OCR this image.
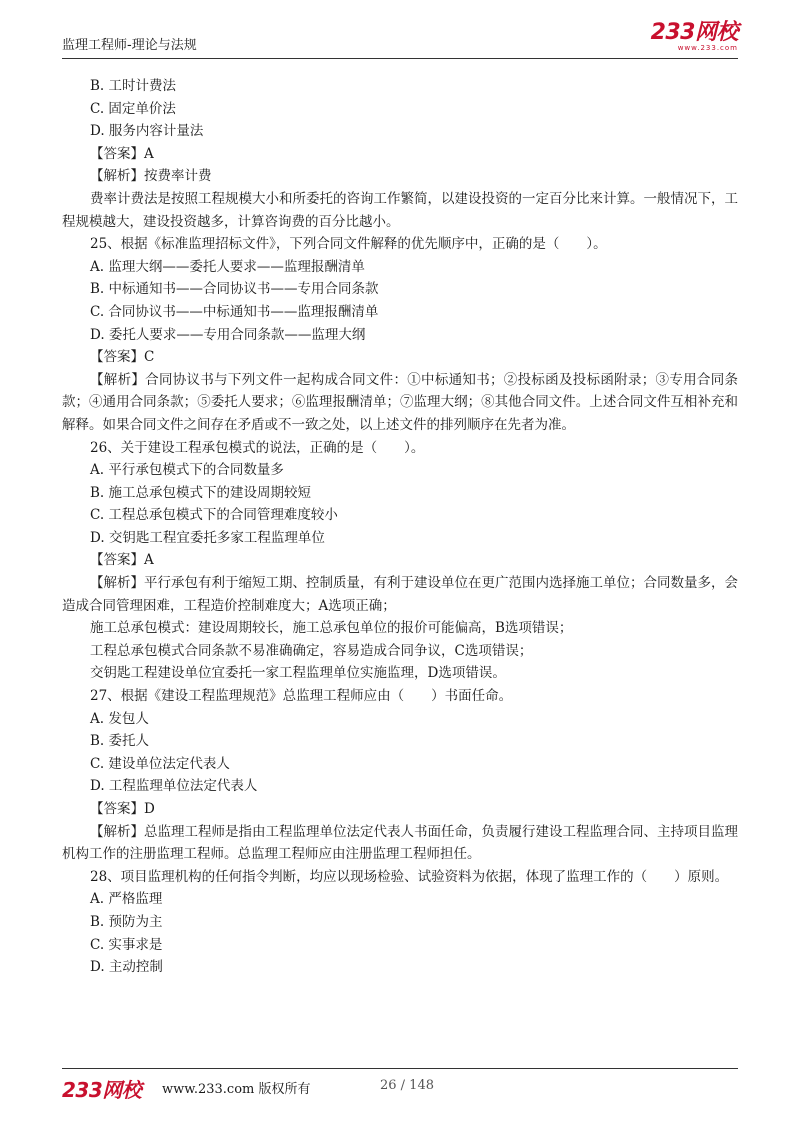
监理工程师-理论与法规
233网校
www.233.com
B. 工时计费法
C. 固定单价法
D. 服务内容计量法
【答案】A
【解析】按费率计费
费率计费法是按照工程规模大小和所委托的咨询工作繁简，以建设投资的一定百分比来计算。一般情况下，工程规模越大，建设投资越多，计算咨询费的百分比越小。
25、根据《标准监理招标文件》，下列合同文件解释的优先顺序中，正确的是（　　）。
A. 监理大纲——委托人要求——监理报酬清单
B. 中标通知书——合同协议书——专用合同条款
C. 合同协议书——中标通知书——监理报酬清单
D. 委托人要求——专用合同条款——监理大纲
【答案】C
【解析】合同协议书与下列文件一起构成合同文件：①中标通知书；②投标函及投标函附录；③专用合同条款；④通用合同条款；⑤委托人要求；⑥监理报酬清单；⑦监理大纲；⑧其他合同文件。上述合同文件互相补充和解释。如果合同文件之间存在矛盾或不一致之处，以上述文件的排列顺序在先者为准。
26、关于建设工程承包模式的说法，正确的是（　　）。
A. 平行承包模式下的合同数量多
B. 施工总承包模式下的建设周期较短
C. 工程总承包模式下的合同管理难度较小
D. 交钥匙工程宜委托多家工程监理单位
【答案】A
【解析】平行承包有利于缩短工期、控制质量，有利于建设单位在更广范围内选择施工单位；合同数量多，会造成合同管理困难，工程造价控制难度大；A选项正确；
施工总承包模式：建设周期较长，施工总承包单位的报价可能偏高，B选项错误；
工程总承包模式合同条款不易准确确定，容易造成合同争议，C选项错误；
交钥匙工程建设单位宜委托一家工程监理单位实施监理，D选项错误。
27、根据《建设工程监理规范》总监理工程师应由（　　）书面任命。
A. 发包人
B. 委托人
C. 建设单位法定代表人
D. 工程监理单位法定代表人
【答案】D
【解析】总监理工程师是指由工程监理单位法定代表人书面任命，负责履行建设工程监理合同、主持项目监理机构工作的注册监理工程师。总监理工程师应由注册监理工程师担任。
28、项目监理机构的任何指令判断，均应以现场检验、试验资料为依据，体现了监理工作的（　　）原则。
A. 严格监理
B. 预防为主
C. 实事求是
D. 主动控制
233网校 www.233.com 版权所有	26 / 148
